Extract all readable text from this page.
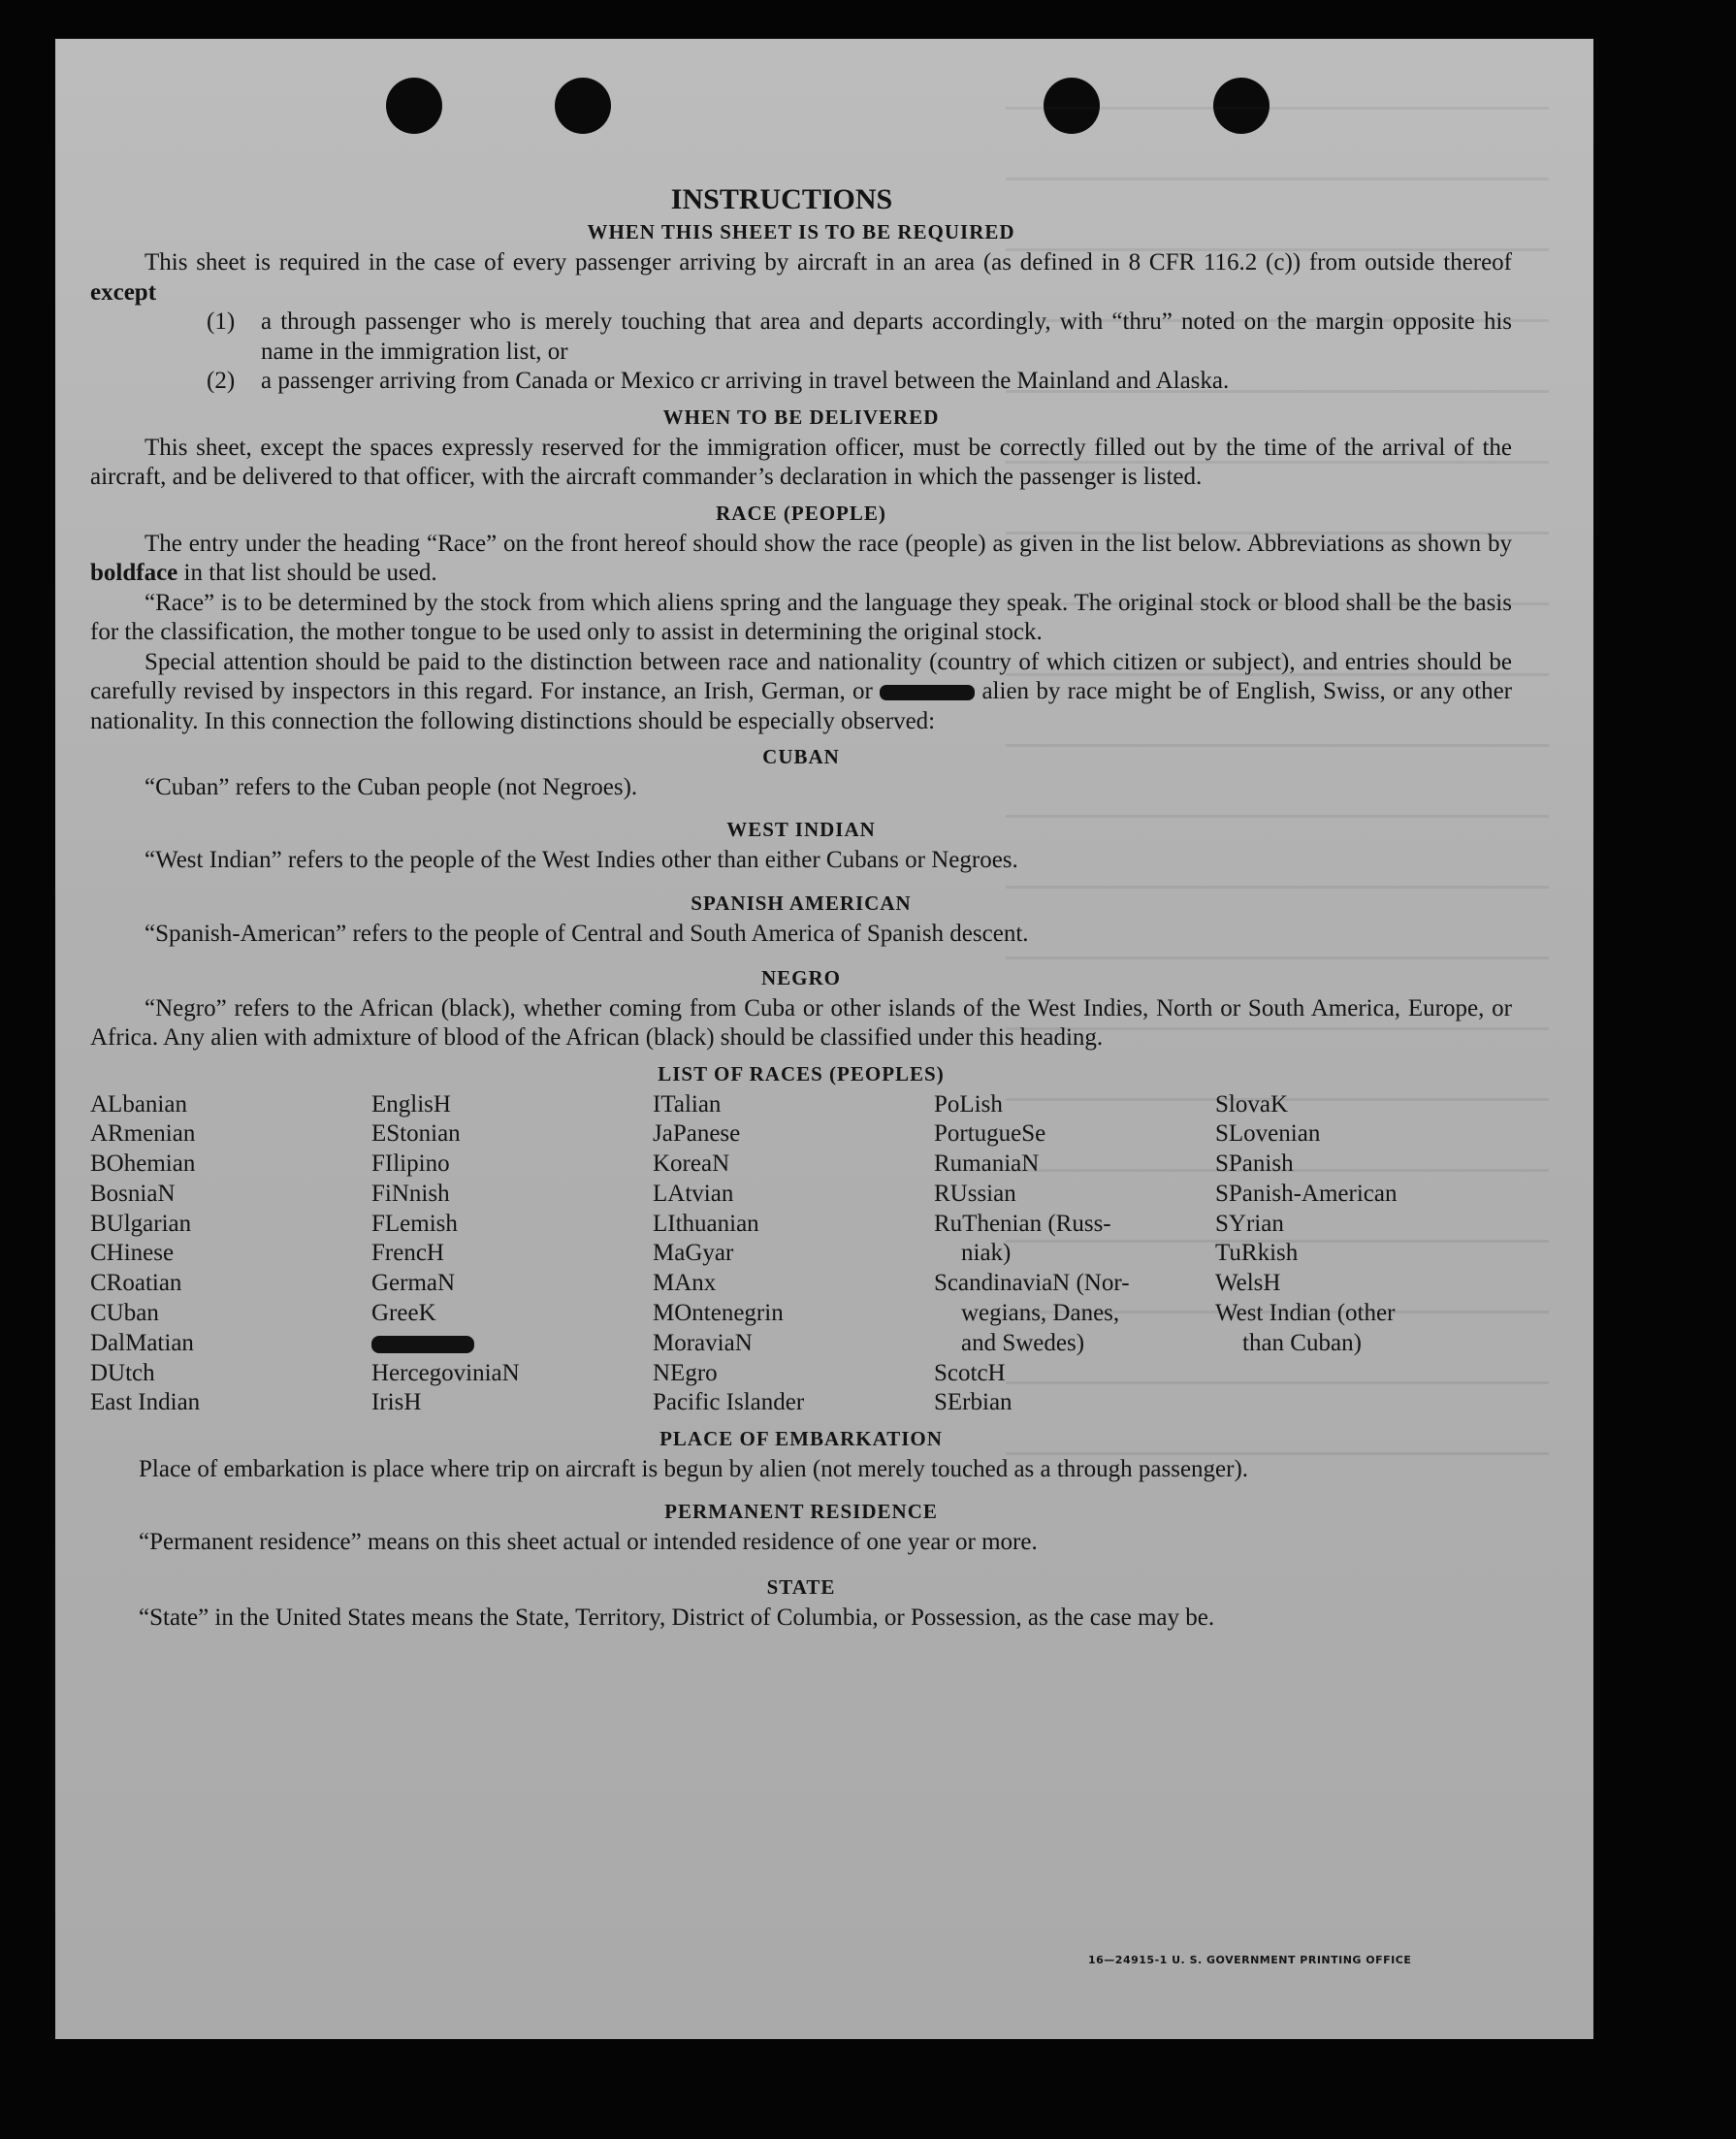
INSTRUCTIONS
WHEN THIS SHEET IS TO BE REQUIRED

This sheet is required in the case of every passenger arriving by aircraft in an area (as defined in 8 CFR 116.2 (c)) from outside thereof except

(1)	a through passenger who is merely touching that area and departs accordingly, with “thru” noted on the margin opposite his name in the immigration list, or
(2)	a passenger arriving from Canada or Mexico cr arriving in travel between the Mainland and Alaska.
WHEN TO BE DELIVERED

This sheet, except the spaces expressly reserved for the immigration officer, must be correctly filled out by the time of the arrival of the aircraft, and be delivered to that officer, with the aircraft commander’s declaration in which the passenger is listed.

RACE (PEOPLE)

The entry under the heading “Race” on the front hereof should show the race (people) as given in the list below. Abbreviations as shown by boldface in that list should be used.

“Race” is to be determined by the stock from which aliens spring and the language they speak. The original stock or blood shall be the basis for the classification, the mother tongue to be used only to assist in determining the original stock.

Special attention should be paid to the distinction between race and nationality (country of which citizen or subject), and entries should be carefully revised by inspectors in this regard. For instance, an Irish, German, or	alien by race might be of English, Swiss, or any other nationality. In this connection the following distinctions should be especially observed:

CUBAN

“Cuban” refers to the Cuban people (not Negroes).

WEST INDIAN

“West Indian” refers to the people of the West Indies other than either Cubans or Negroes.

SPANISH AMERICAN

“Spanish-American” refers to the people of Central and South America of Spanish descent.

NEGRO

“Negro” refers to the African (black), whether coming from Cuba or other islands of the West Indies, North or South America, Europe, or Africa. Any alien with admixture of blood of the African (black) should be classified under this heading.

LIST OF RACES (PEOPLES)
ALbanian
ARmenian
BOhemian
BosniaN
BUlgarian
CHinese
CRoatian
CUban
DalMatian
DUtch
East Indian
EnglisH
EStonian
FIlipino
FiNnish
FLemish
FrencH
GermaN
GreeK
HercegoviniaN
IrisH
ITalian
JaPanese
KoreaN
LAtvian
LIthuanian
MaGyar
MAnx
MOntenegrin
MoraviaN
NEgro
Pacific Islander
PoLish
PortugueSe
RumaniaN
RUssian
RuThenian (Russ-
niak)
ScandinaviaN (Nor-
wegians, Danes,
and Swedes)
ScotcH
SErbian
SlovaK
SLovenian
SPanish
SPanish-American
SYrian
TuRkish
WelsH
West Indian (other
than Cuban)
PLACE OF EMBARKATION

Place of embarkation is place where trip on aircraft is begun by alien (not merely touched as a through passenger).

PERMANENT RESIDENCE

“Permanent residence” means on this sheet actual or intended residence of one year or more.

STATE

“State” in the United States means the State, Territory, District of Columbia, or Possession, as the case may be.

16—24915-1 U. S. GOVERNMENT PRINTING OFFICE
